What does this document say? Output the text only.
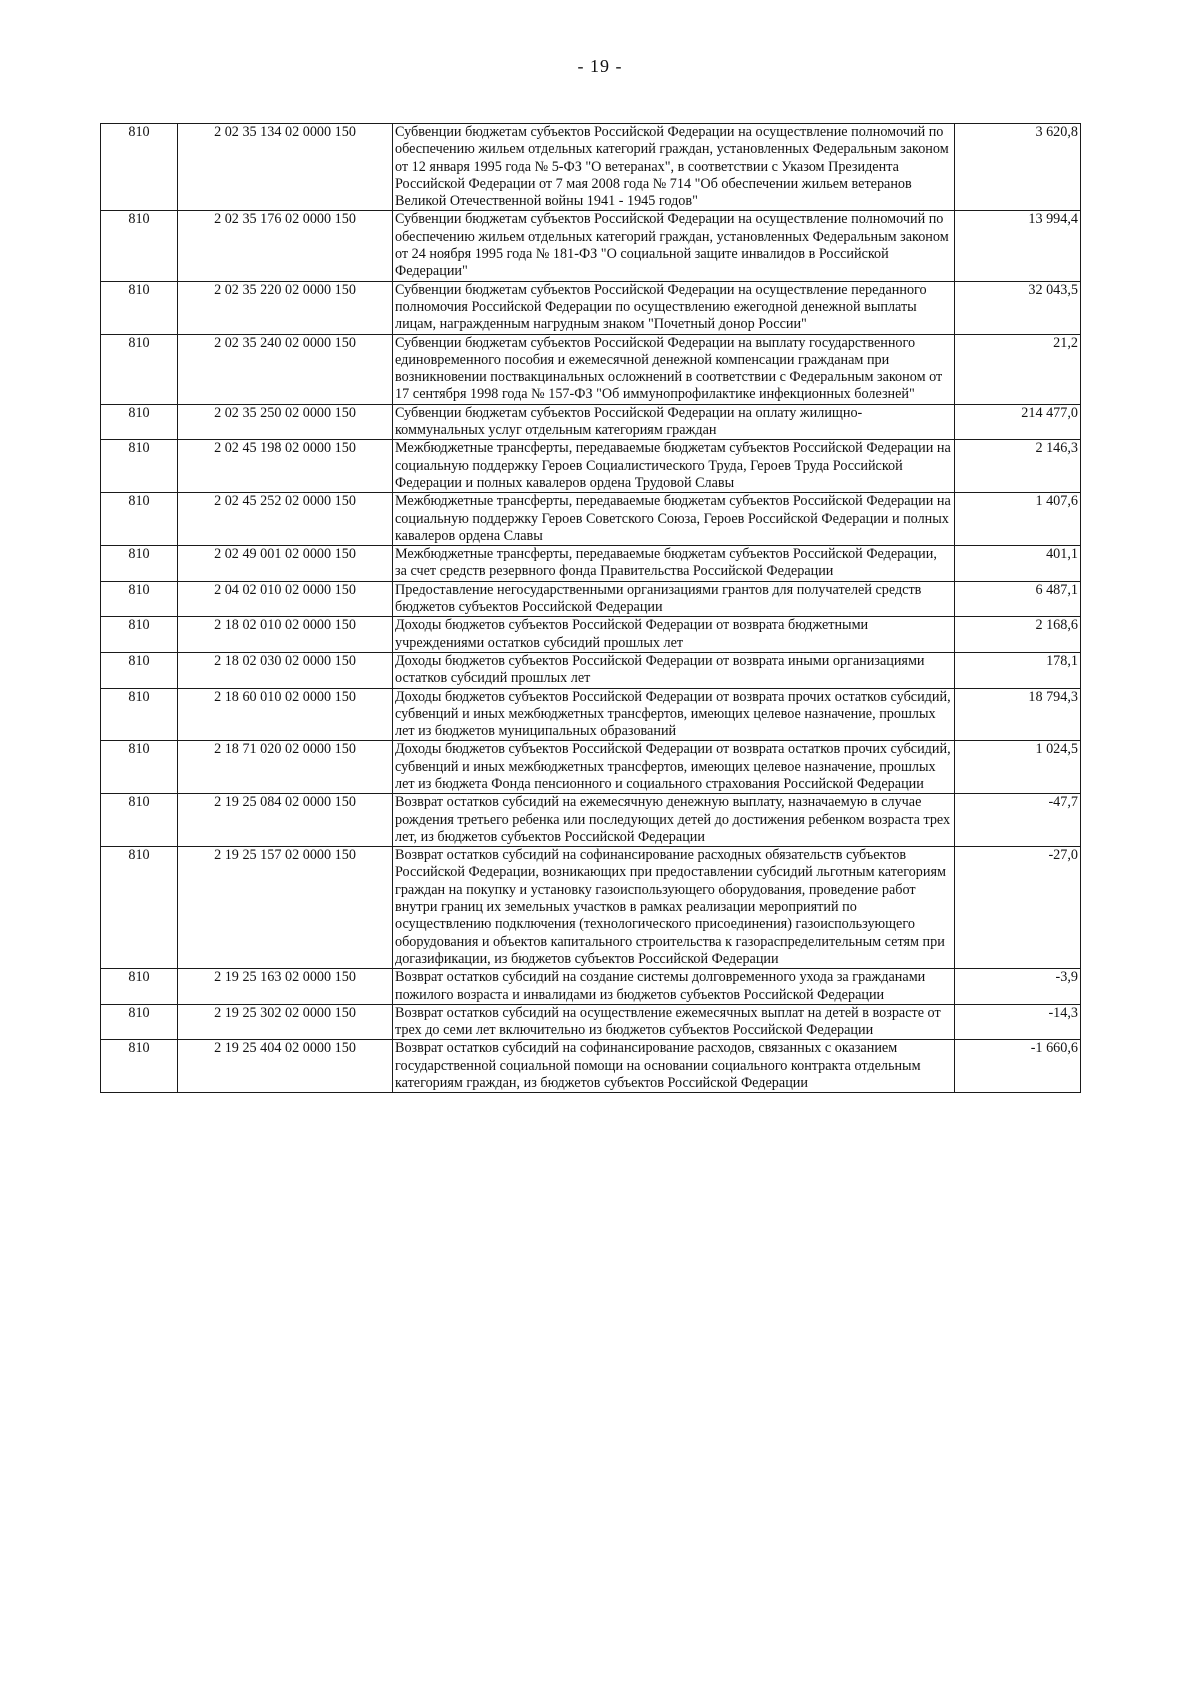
- 19 -
810	2 02 35 134 02 0000 150	Субвенции бюджетам субъектов Российской Федерации на осуществление полномочий по обеспечению жильем отдельных категорий граждан, установленных Федеральным законом от 12 января 1995 года № 5-ФЗ "О ветеранах", в соответствии с Указом Президента Российской Федерации от 7 мая 2008 года № 714 "Об обеспечении жильем ветеранов Великой Отечественной войны 1941 - 1945 годов"	3 620,8
810	2 02 35 176 02 0000 150	Субвенции бюджетам субъектов Российской Федерации на осуществление полномочий по обеспечению жильем отдельных категорий граждан, установленных Федеральным законом от 24 ноября 1995 года № 181-ФЗ "О социальной защите инвалидов в Российской Федерации"	13 994,4
810	2 02 35 220 02 0000 150	Субвенции бюджетам субъектов Российской Федерации на осуществление переданного полномочия Российской Федерации по осуществлению ежегодной денежной выплаты лицам, награжденным нагрудным знаком "Почетный донор России"	32 043,5
810	2 02 35 240 02 0000 150	Субвенции бюджетам субъектов Российской Федерации на выплату государственного единовременного пособия и ежемесячной денежной компенсации гражданам при возникновении поствакцинальных осложнений в соответствии с Федеральным законом от 17 сентября 1998 года № 157-ФЗ "Об иммунопрофилактике инфекционных болезней"	21,2
810	2 02 35 250 02 0000 150	Субвенции бюджетам субъектов Российской Федерации на оплату жилищно-коммунальных услуг отдельным категориям граждан	214 477,0
810	2 02 45 198 02 0000 150	Межбюджетные трансферты, передаваемые бюджетам субъектов Российской Федерации на социальную поддержку Героев Социалистического Труда, Героев Труда Российской Федерации и полных кавалеров ордена Трудовой Славы	2 146,3
810	2 02 45 252 02 0000 150	Межбюджетные трансферты, передаваемые бюджетам субъектов Российской Федерации на социальную поддержку Героев Советского Союза, Героев Российской Федерации и полных кавалеров ордена Славы	1 407,6
810	2 02 49 001 02 0000 150	Межбюджетные трансферты, передаваемые бюджетам субъектов Российской Федерации, за счет средств резервного фонда Правительства Российской Федерации	401,1
810	2 04 02 010 02 0000 150	Предоставление негосударственными организациями грантов для получателей средств бюджетов субъектов Российской Федерации	6 487,1
810	2 18 02 010 02 0000 150	Доходы бюджетов субъектов Российской Федерации от возврата бюджетными учреждениями остатков субсидий прошлых лет	2 168,6
810	2 18 02 030 02 0000 150	Доходы бюджетов субъектов Российской Федерации от возврата иными организациями остатков субсидий прошлых лет	178,1
810	2 18 60 010 02 0000 150	Доходы бюджетов субъектов Российской Федерации от возврата прочих остатков субсидий, субвенций и иных межбюджетных трансфертов, имеющих целевое назначение, прошлых лет из бюджетов муниципальных образований	18 794,3
810	2 18 71 020 02 0000 150	Доходы бюджетов субъектов Российской Федерации от возврата остатков прочих субсидий, субвенций и иных межбюджетных трансфертов, имеющих целевое назначение, прошлых лет из бюджета Фонда пенсионного и социального страхования Российской Федерации	1 024,5
810	2 19 25 084 02 0000 150	Возврат остатков субсидий на ежемесячную денежную выплату, назначаемую в случае рождения третьего ребенка или последующих детей до достижения ребенком возраста трех лет, из бюджетов субъектов Российской Федерации	-47,7
810	2 19 25 157 02 0000 150	Возврат остатков субсидий на софинансирование расходных обязательств субъектов Российской Федерации, возникающих при предоставлении субсидий льготным категориям граждан на покупку и установку газоиспользующего оборудования, проведение работ внутри границ их земельных участков в рамках реализации мероприятий по осуществлению подключения (технологического присоединения) газоиспользующего оборудования и объектов капитального строительства к газораспределительным сетям при догазификации, из бюджетов субъектов Российской Федерации	-27,0
810	2 19 25 163 02 0000 150	Возврат остатков субсидий на создание системы долговременного ухода за гражданами пожилого возраста и инвалидами из бюджетов субъектов Российской Федерации	-3,9
810	2 19 25 302 02 0000 150	Возврат остатков субсидий на осуществление ежемесячных выплат на детей в возрасте от трех до семи лет включительно из бюджетов субъектов Российской Федерации	-14,3
810	2 19 25 404 02 0000 150	Возврат остатков субсидий на софинансирование расходов, связанных с оказанием государственной социальной помощи на основании социального контракта отдельным категориям граждан, из бюджетов субъектов Российской Федерации	-1 660,6
